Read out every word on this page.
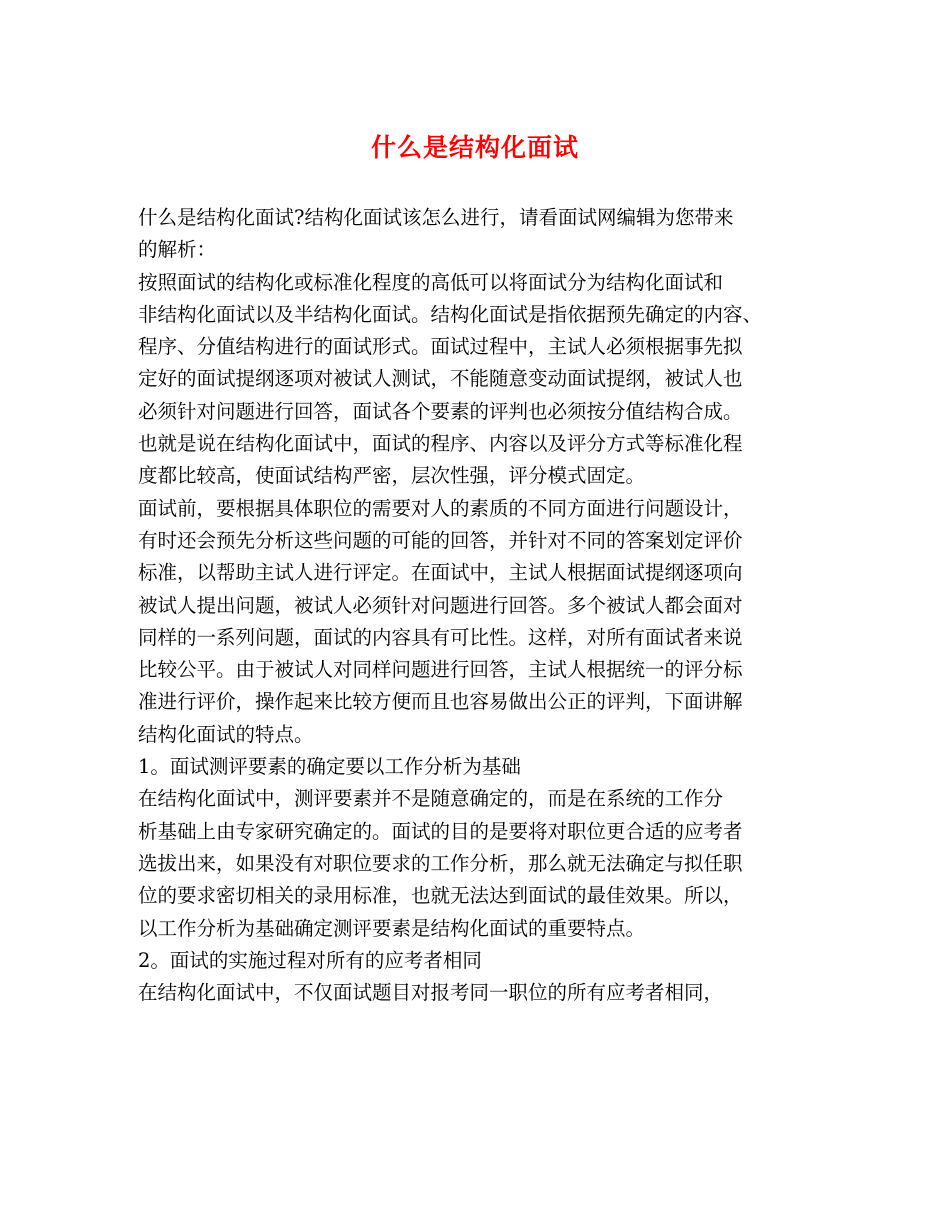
什么是结构化面试
什么是结构化面试?结构化面试该怎么进行，请看面试网编辑为您带来
的解析：
按照面试的结构化或标准化程度的高低可以将面试分为结构化面试和
非结构化面试以及半结构化面试。结构化面试是指依据预先确定的内容、
程序、分值结构进行的面试形式。面试过程中，主试人必须根据事先拟
定好的面试提纲逐项对被试人测试，不能随意变动面试提纲，被试人也
必须针对问题进行回答，面试各个要素的评判也必须按分值结构合成。
也就是说在结构化面试中，面试的程序、内容以及评分方式等标准化程
度都比较高，使面试结构严密，层次性强，评分模式固定。
面试前，要根据具体职位的需要对人的素质的不同方面进行问题设计，
有时还会预先分析这些问题的可能的回答，并针对不同的答案划定评价
标准，以帮助主试人进行评定。在面试中，主试人根据面试提纲逐项向
被试人提出问题，被试人必须针对问题进行回答。多个被试人都会面对
同样的一系列问题，面试的内容具有可比性。这样，对所有面试者来说
比较公平。由于被试人对同样问题进行回答，主试人根据统一的评分标
准进行评价，操作起来比较方便而且也容易做出公正的评判，下面讲解
结构化面试的特点。
1。面试测评要素的确定要以工作分析为基础
在结构化面试中，测评要素并不是随意确定的，而是在系统的工作分
析基础上由专家研究确定的。面试的目的是要将对职位更合适的应考者
选拔出来，如果没有对职位要求的工作分析，那么就无法确定与拟任职
位的要求密切相关的录用标准，也就无法达到面试的最佳效果。所以，
以工作分析为基础确定测评要素是结构化面试的重要特点。
2。面试的实施过程对所有的应考者相同
在结构化面试中，不仅面试题目对报考同一职位的所有应考者相同，
